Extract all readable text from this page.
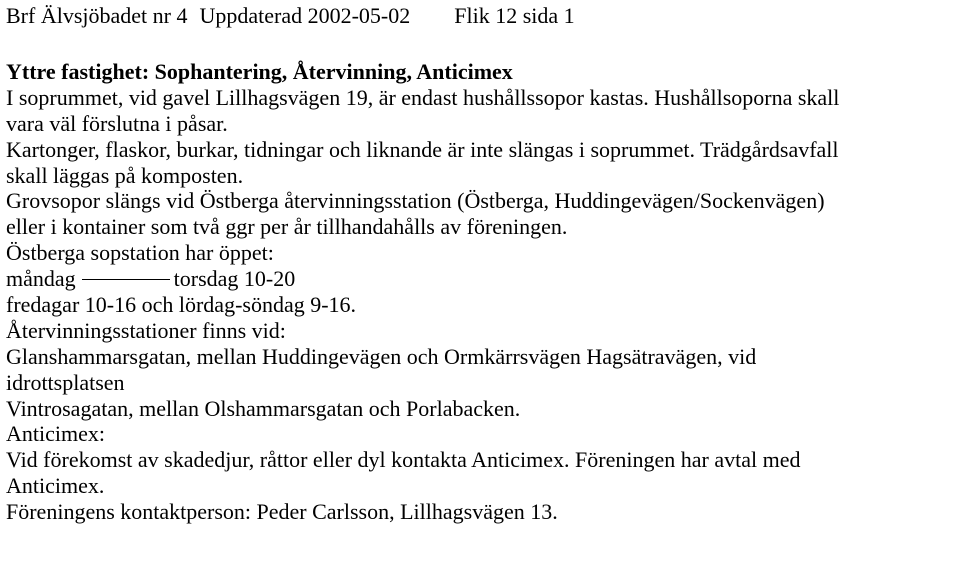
Brf Älvsjöbadet nr 4 Uppdaterad 2002-05-02 Flik 12 sida 1
Yttre fastighet: Sophantering, Återvinning, Anticimex
I soprummet, vid gavel Lillhagsvägen 19, är endast hushållssopor kastas. Hushållsoporna skall
vara väl förslutna i påsar.
Kartonger, flaskor, burkar, tidningar och liknande är inte slängas i soprummet. Trädgårdsavfall
skall läggas på komposten.
Grovsopor slängs vid Östberga återvinningsstation (Östberga, Huddingevägen/Sockenvägen)
eller i kontainer som två ggr per år tillhandahålls av föreningen.
Östberga sopstation har öppet:
måndag	torsdag 10-20
fredagar 10-16 och lördag-söndag 9-16.
Återvinningsstationer finns vid:
Glanshammarsgatan, mellan Huddingevägen och Ormkärrsvägen Hagsätravägen, vid
idrottsplatsen
Vintrosagatan, mellan Olshammarsgatan och Porlabacken.
Anticimex:
Vid förekomst av skadedjur, råttor eller dyl kontakta Anticimex. Föreningen har avtal med
Anticimex.
Föreningens kontaktperson: Peder Carlsson, Lillhagsvägen 13.
